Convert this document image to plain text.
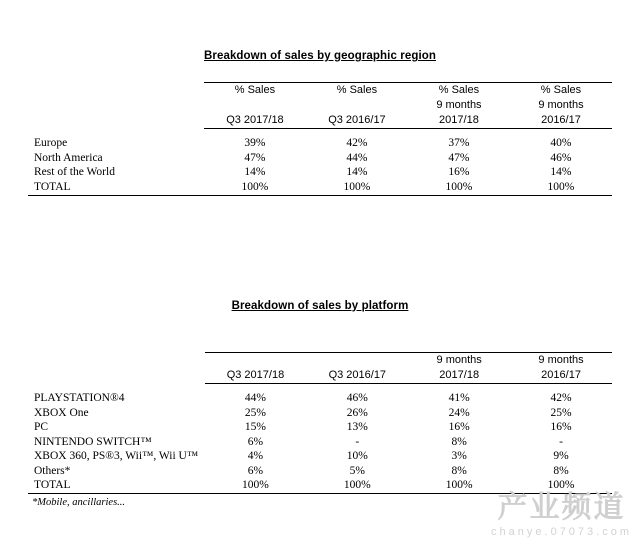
Breakdown of sales by geographic region
	% Sales	% Sales	% Sales	% Sales
			9 months	9 months
	Q3 2017/18	Q3 2016/17	2017/18	2016/17

Europe	39%	42%	37%	40%
North America	47%	44%	47%	46%
Rest of the World	14%	14%	16%	14%
TOTAL	100%	100%	100%	100%
Breakdown of sales by platform
			9 months	9 months
	Q3 2017/18	Q3 2016/17	2017/18	2016/17

PLAYSTATION®4	44%	46%	41%	42%
XBOX One	25%	26%	24%	25%
PC	15%	13%	16%	16%
NINTENDO SWITCH™	6%	-	8%	-
XBOX 360, PS®3, Wii™, Wii U™	4%	10%	3%	9%
Others*	6%	5%	8%	8%
TOTAL	100%	100%	100%	100%
*Mobile, ancillaries...	产业频道
chanye.07073.com
